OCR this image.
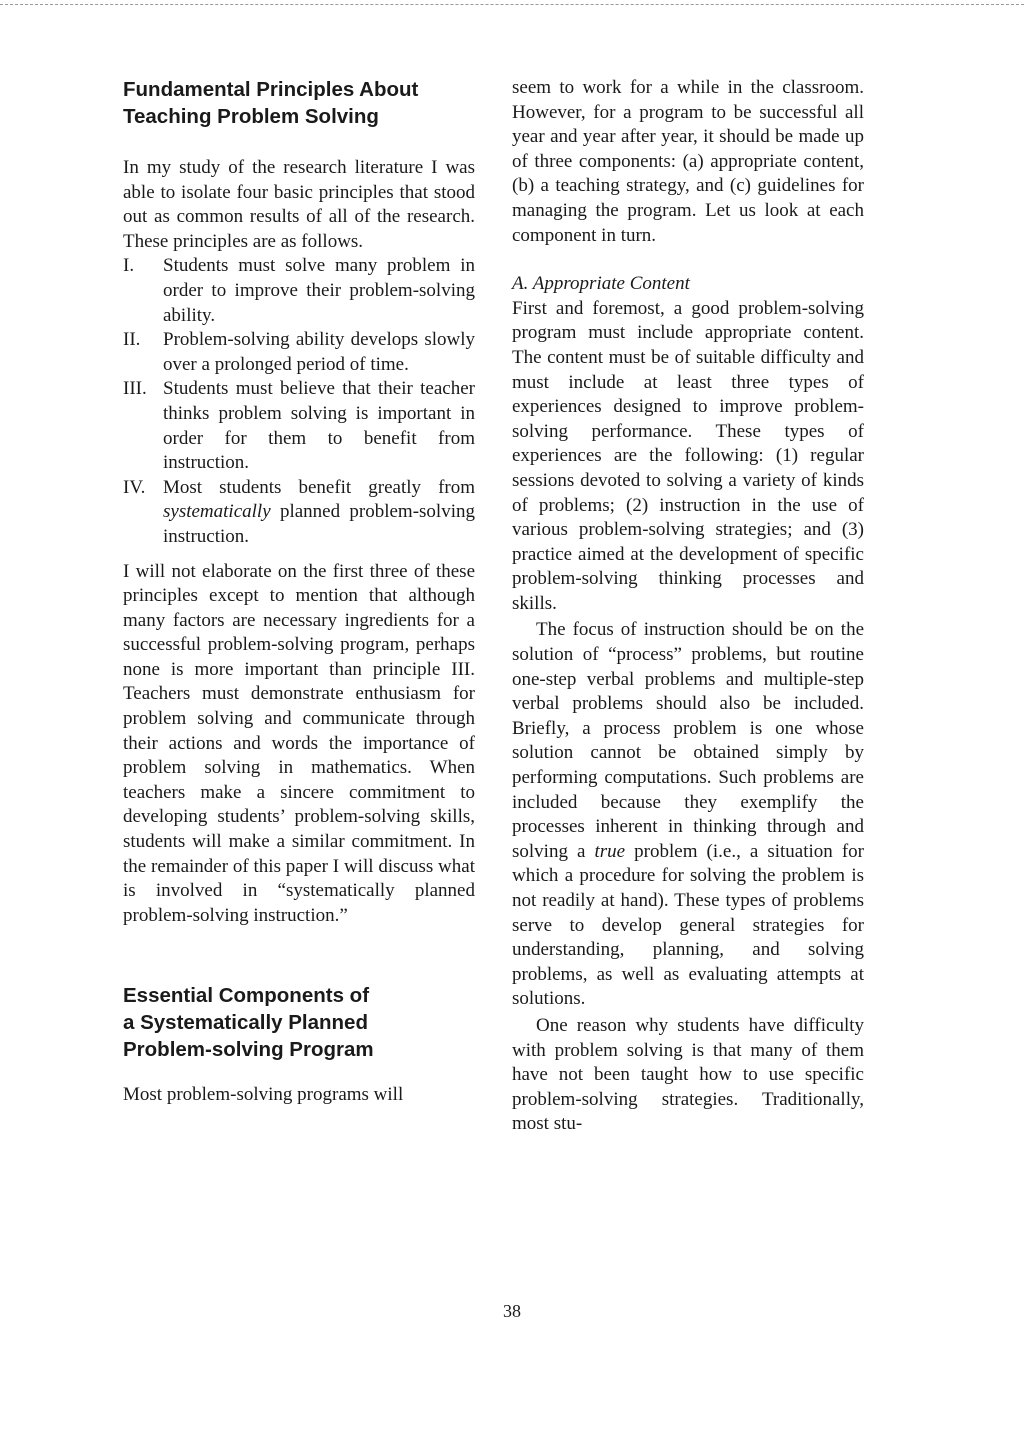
Fundamental Principles About
Teaching Problem Solving

In my study of the research literature I was able to isolate four basic principles that stood out as common results of all of the research. These principles are as follows.

I. Students must solve many problem in order to improve their problem-solving ability.
II. Problem-solving ability develops slowly over a prolonged period of time.
III. Students must believe that their teacher thinks problem solving is important in order for them to benefit from instruction.
IV. Most students benefit greatly from systematically planned problem-solving instruction.

I will not elaborate on the first three of these principles except to mention that although many factors are necessary ingredients for a successful problem-solving program, perhaps none is more important than principle III. Teachers must demonstrate enthusiasm for problem solving and communicate through their actions and words the importance of problem solving in mathematics. When teachers make a sincere commitment to developing students’ problem-solving skills, students will make a similar commitment. In the remainder of this paper I will discuss what is involved in “systematically planned problem-solving instruction.”

Essential Components of
a Systematically Planned
Problem-solving Program

Most problem-solving programs will

seem to work for a while in the classroom. However, for a program to be successful all year and year after year, it should be made up of three components: (a) appropriate content, (b) a teaching strategy, and (c) guidelines for managing the program. Let us look at each component in turn.

A. Appropriate Content

First and foremost, a good problem-solving program must include appropriate content. The content must be of suitable difficulty and must include at least three types of experiences designed to improve problem-solving performance. These types of experiences are the following: (1) regular sessions devoted to solving a variety of kinds of problems; (2) instruction in the use of various problem-solving strategies; and (3) practice aimed at the development of specific problem-solving thinking processes and skills.

The focus of instruction should be on the solution of “process” problems, but routine one-step verbal problems and multiple-step verbal problems should also be included. Briefly, a process problem is one whose solution cannot be obtained simply by performing computations. Such problems are included because they exemplify the processes inherent in thinking through and solving a true problem (i.e., a situation for which a procedure for solving the problem is not readily at hand). These types of problems serve to develop general strategies for understanding, planning, and solving problems, as well as evaluating attempts at solutions.

One reason why students have difficulty with problem solving is that many of them have not been taught how to use specific problem-solving strategies. Traditionally, most stu-

38
